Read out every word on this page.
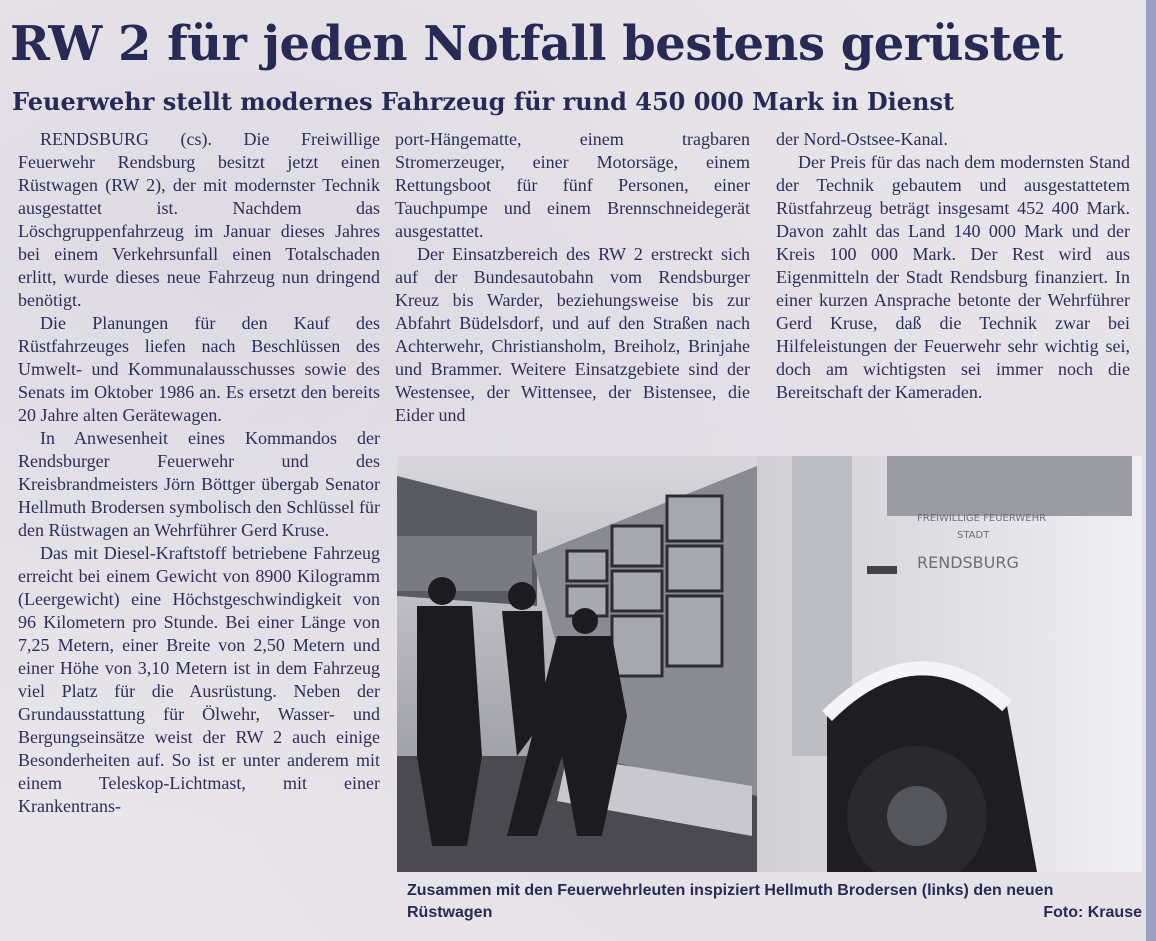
RW 2 für jeden Notfall bestens gerüstet
Feuerwehr stellt modernes Fahrzeug für rund 450 000 Mark in Dienst

RENDSBURG (cs). Die Freiwillige Feuerwehr Rendsburg besitzt jetzt einen Rüstwagen (RW 2), der mit modernster Technik ausgestattet ist. Nachdem das Löschgruppenfahrzeug im Januar dieses Jahres bei einem Verkehrsunfall einen Totalschaden erlitt, wurde dieses neue Fahrzeug nun dringend benötigt.

Die Planungen für den Kauf des Rüstfahrzeuges liefen nach Beschlüssen des Umwelt- und Kommunalausschusses sowie des Senats im Oktober 1986 an. Es ersetzt den bereits 20 Jahre alten Gerätewagen.

In Anwesenheit eines Kommandos der Rendsburger Feuerwehr und des Kreisbrandmeisters Jörn Böttger übergab Senator Hellmuth Brodersen symbolisch den Schlüssel für den Rüstwagen an Wehrführer Gerd Kruse.

Das mit Diesel-Kraftstoff betriebene Fahrzeug erreicht bei einem Gewicht von 8900 Kilogramm (Leergewicht) eine Höchstgeschwindigkeit von 96 Kilometern pro Stunde. Bei einer Länge von 7,25 Metern, einer Breite von 2,50 Metern und einer Höhe von 3,10 Metern ist in dem Fahrzeug viel Platz für die Ausrüstung. Neben der Grundausstattung für Ölwehr, Wasser- und Bergungseinsätze weist der RW 2 auch einige Besonderheiten auf. So ist er unter anderem mit einem Teleskop-Lichtmast, mit einer Krankentrans-

port-Hängematte, einem tragbaren Stromerzeuger, einer Motorsäge, einem Rettungsboot für fünf Personen, einer Tauchpumpe und einem Brennschneidegerät ausgestattet.

Der Einsatzbereich des RW 2 erstreckt sich auf der Bundesautobahn vom Rendsburger Kreuz bis Warder, beziehungsweise bis zur Abfahrt Büdelsdorf, und auf den Straßen nach Achterwehr, Christiansholm, Breiholz, Brinjahe und Brammer. Weitere Einsatzgebiete sind der Westensee, der Wittensee, der Bistensee, die Eider und

der Nord-Ostsee-Kanal.

Der Preis für das nach dem modernsten Stand der Technik gebautem und ausgestattetem Rüstfahrzeug beträgt insgesamt 452 400 Mark. Davon zahlt das Land 140 000 Mark und der Kreis 100 000 Mark. Der Rest wird aus Eigenmitteln der Stadt Rendsburg finanziert. In einer kurzen Ansprache betonte der Wehrführer Gerd Kruse, daß die Technik zwar bei Hilfeleistungen der Feuerwehr sehr wichtig sei, doch am wichtigsten sei immer noch die Bereitschaft der Kameraden.

FREIWILLIGE FEUERWEHR
STADT
RENDSBURG
Zusammen mit den Feuerwehrleuten inspiziert Hellmuth Brodersen (links) den neuen Rüstwagen	Foto: Krause
